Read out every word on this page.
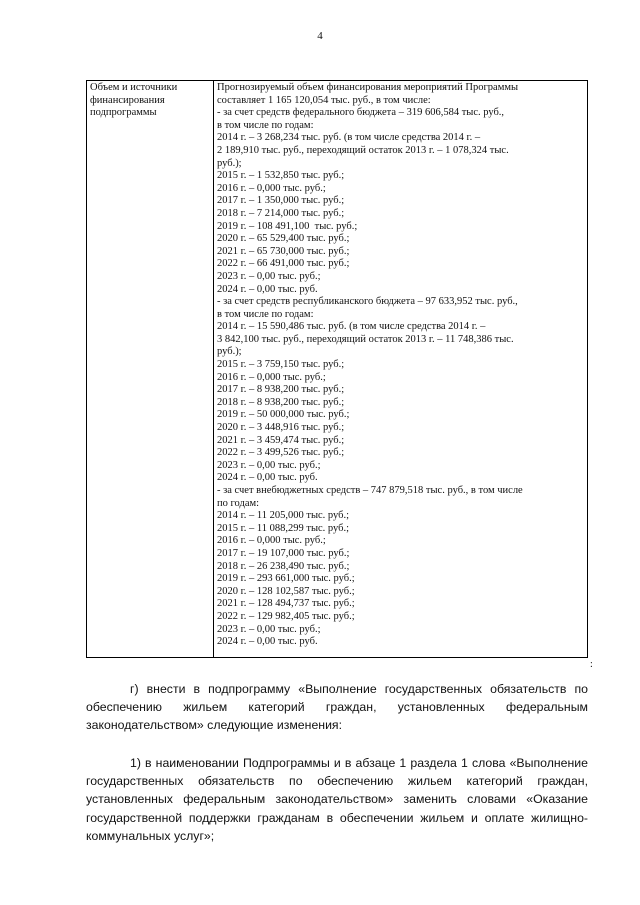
4
Объем и источники финансирования подпрограммы
Прогнозируемый объем финансирования мероприятий Программы
составляет 1 165 120,054 тыс. руб., в том числе:
- за счет средств федерального бюджета – 319 606,584 тыс. руб.,
в том числе по годам:
2014 г. – 3 268,234 тыс. руб. (в том числе средства 2014 г. –
2 189,910 тыс. руб., переходящий остаток 2013 г. – 1 078,324 тыс.
руб.);
2015 г. – 1 532,850 тыс. руб.;
2016 г. – 0,000 тыс. руб.;
2017 г. – 1 350,000 тыс. руб.;
2018 г. – 7 214,000 тыс. руб.;
2019 г. – 108 491,100  тыс. руб.;
2020 г. – 65 529,400 тыс. руб.;
2021 г. – 65 730,000 тыс. руб.;
2022 г. – 66 491,000 тыс. руб.;
2023 г. – 0,00 тыс. руб.;
2024 г. – 0,00 тыс. руб.
- за счет средств республиканского бюджета – 97 633,952 тыс. руб.,
в том числе по годам:
2014 г. – 15 590,486 тыс. руб. (в том числе средства 2014 г. –
3 842,100 тыс. руб., переходящий остаток 2013 г. – 11 748,386 тыс.
руб.);
2015 г. – 3 759,150 тыс. руб.;
2016 г. – 0,000 тыс. руб.;
2017 г. – 8 938,200 тыс. руб.;
2018 г. – 8 938,200 тыс. руб.;
2019 г. – 50 000,000 тыс. руб.;
2020 г. – 3 448,916 тыс. руб.;
2021 г. – 3 459,474 тыс. руб.;
2022 г. – 3 499,526 тыс. руб.;
2023 г. – 0,00 тыс. руб.;
2024 г. – 0,00 тыс. руб.
- за счет внебюджетных средств – 747 879,518 тыс. руб., в том числе
по годам:
2014 г. – 11 205,000 тыс. руб.;
2015 г. – 11 088,299 тыс. руб.;
2016 г. – 0,000 тыс. руб.;
2017 г. – 19 107,000 тыс. руб.;
2018 г. – 26 238,490 тыс. руб.;
2019 г. – 293 661,000 тыс. руб.;
2020 г. – 128 102,587 тыс. руб.;
2021 г. – 128 494,737 тыс. руб.;
2022 г. – 129 982,405 тыс. руб.;
2023 г. – 0,00 тыс. руб.;
2024 г. – 0,00 тыс. руб.
:
г) внести в подпрограмму «Выполнение государственных обязательств по обеспечению жильем категорий граждан, установленных федеральным законодательством» следующие изменения:
1) в наименовании Подпрограммы и в абзаце 1 раздела 1 слова «Выполнение государственных обязательств по обеспечению жильем категорий граждан, установленных федеральным законодательством» заменить словами «Оказание государственной поддержки гражданам в обеспечении жильем и оплате жилищно-коммунальных услуг»;
